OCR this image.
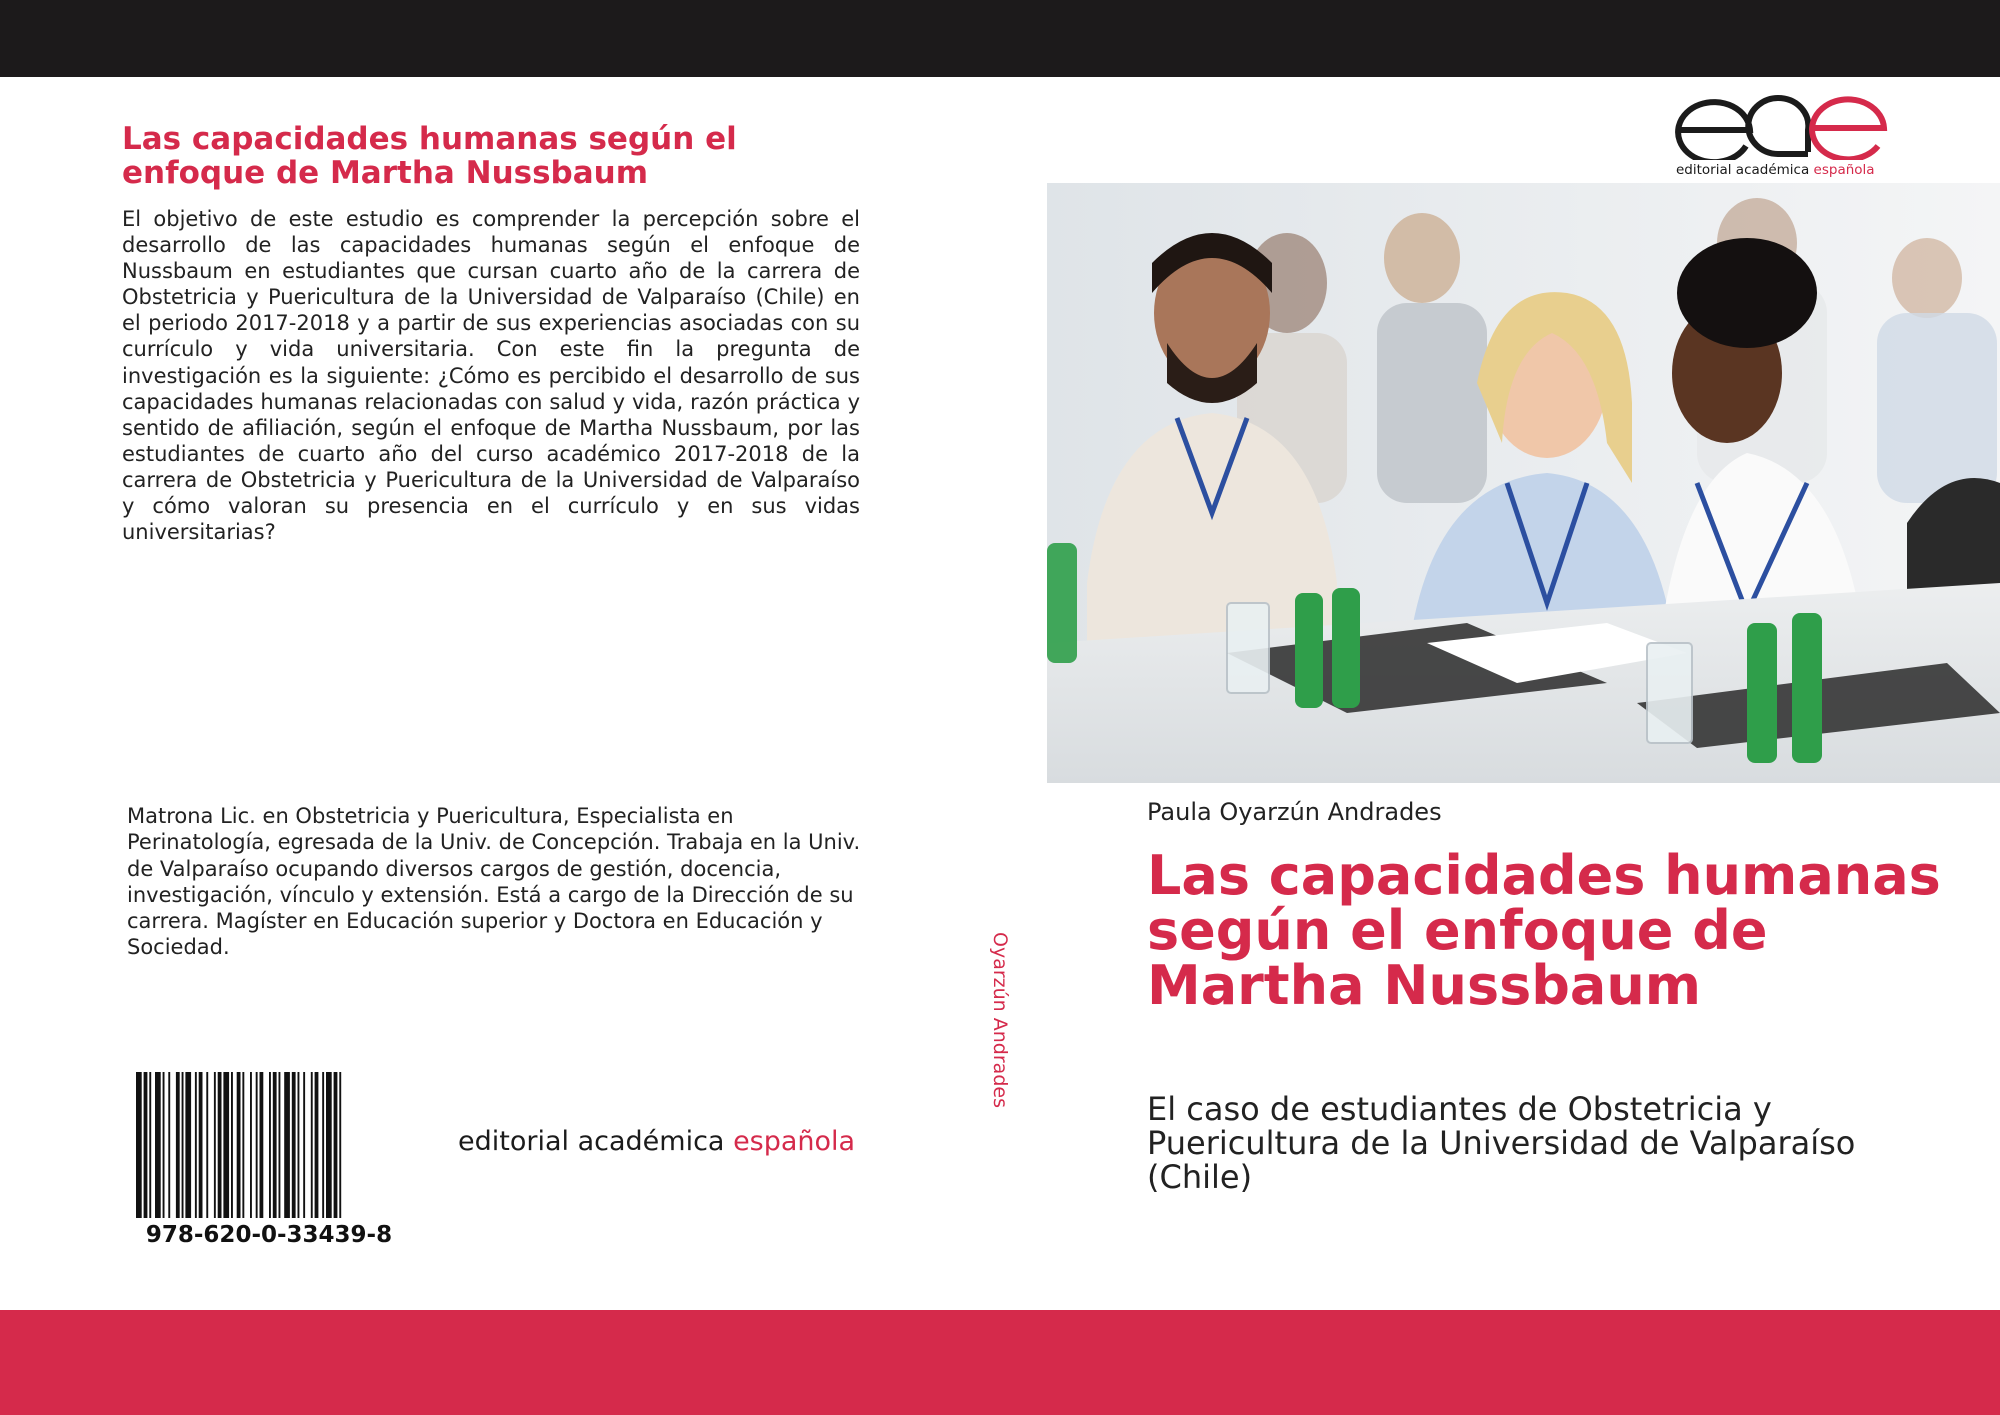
Las capacidades humanas según el enfoque de Martha Nussbaum

El objetivo de este estudio es comprender la percepción sobre el desarrollo de las capacidades humanas según el enfoque de Nussbaum en estudiantes que cursan cuarto año de la carrera de Obstetricia y Puericultura de la Universidad de Valparaíso (Chile) en el periodo 2017-2018 y a partir de sus experiencias asociadas con su currículo y vida universitaria. Con este fin la pregunta de investigación es la siguiente: ¿Cómo es percibido el desarrollo de sus capacidades humanas relacionadas con salud y vida, razón práctica y sentido de afiliación, según el enfoque de Martha Nussbaum, por las estudiantes de cuarto año del curso académico 2017-2018 de la carrera de Obstetricia y Puericultura de la Universidad de Valparaíso y cómo valoran su presencia en el currículo y en sus vidas universitarias?

Matrona Lic. en Obstetricia y Puericultura, Especialista en Perinatología, egresada de la Univ. de Concepción. Trabaja en la Univ. de Valparaíso ocupando diversos cargos de gestión, docencia, investigación, vínculo y extensión. Está a cargo de la Dirección de su carrera. Magíster en Educación superior y Doctora en Educación y Sociedad.

978-620-0-33439-8
editorial académica española
Oyarzún Andrades
editorial académica española
Paula Oyarzún Andrades
Las capacidades humanas según el enfoque de Martha Nussbaum

El caso de estudiantes de Obstetricia y Puericultura de la Universidad de Valparaíso (Chile)
